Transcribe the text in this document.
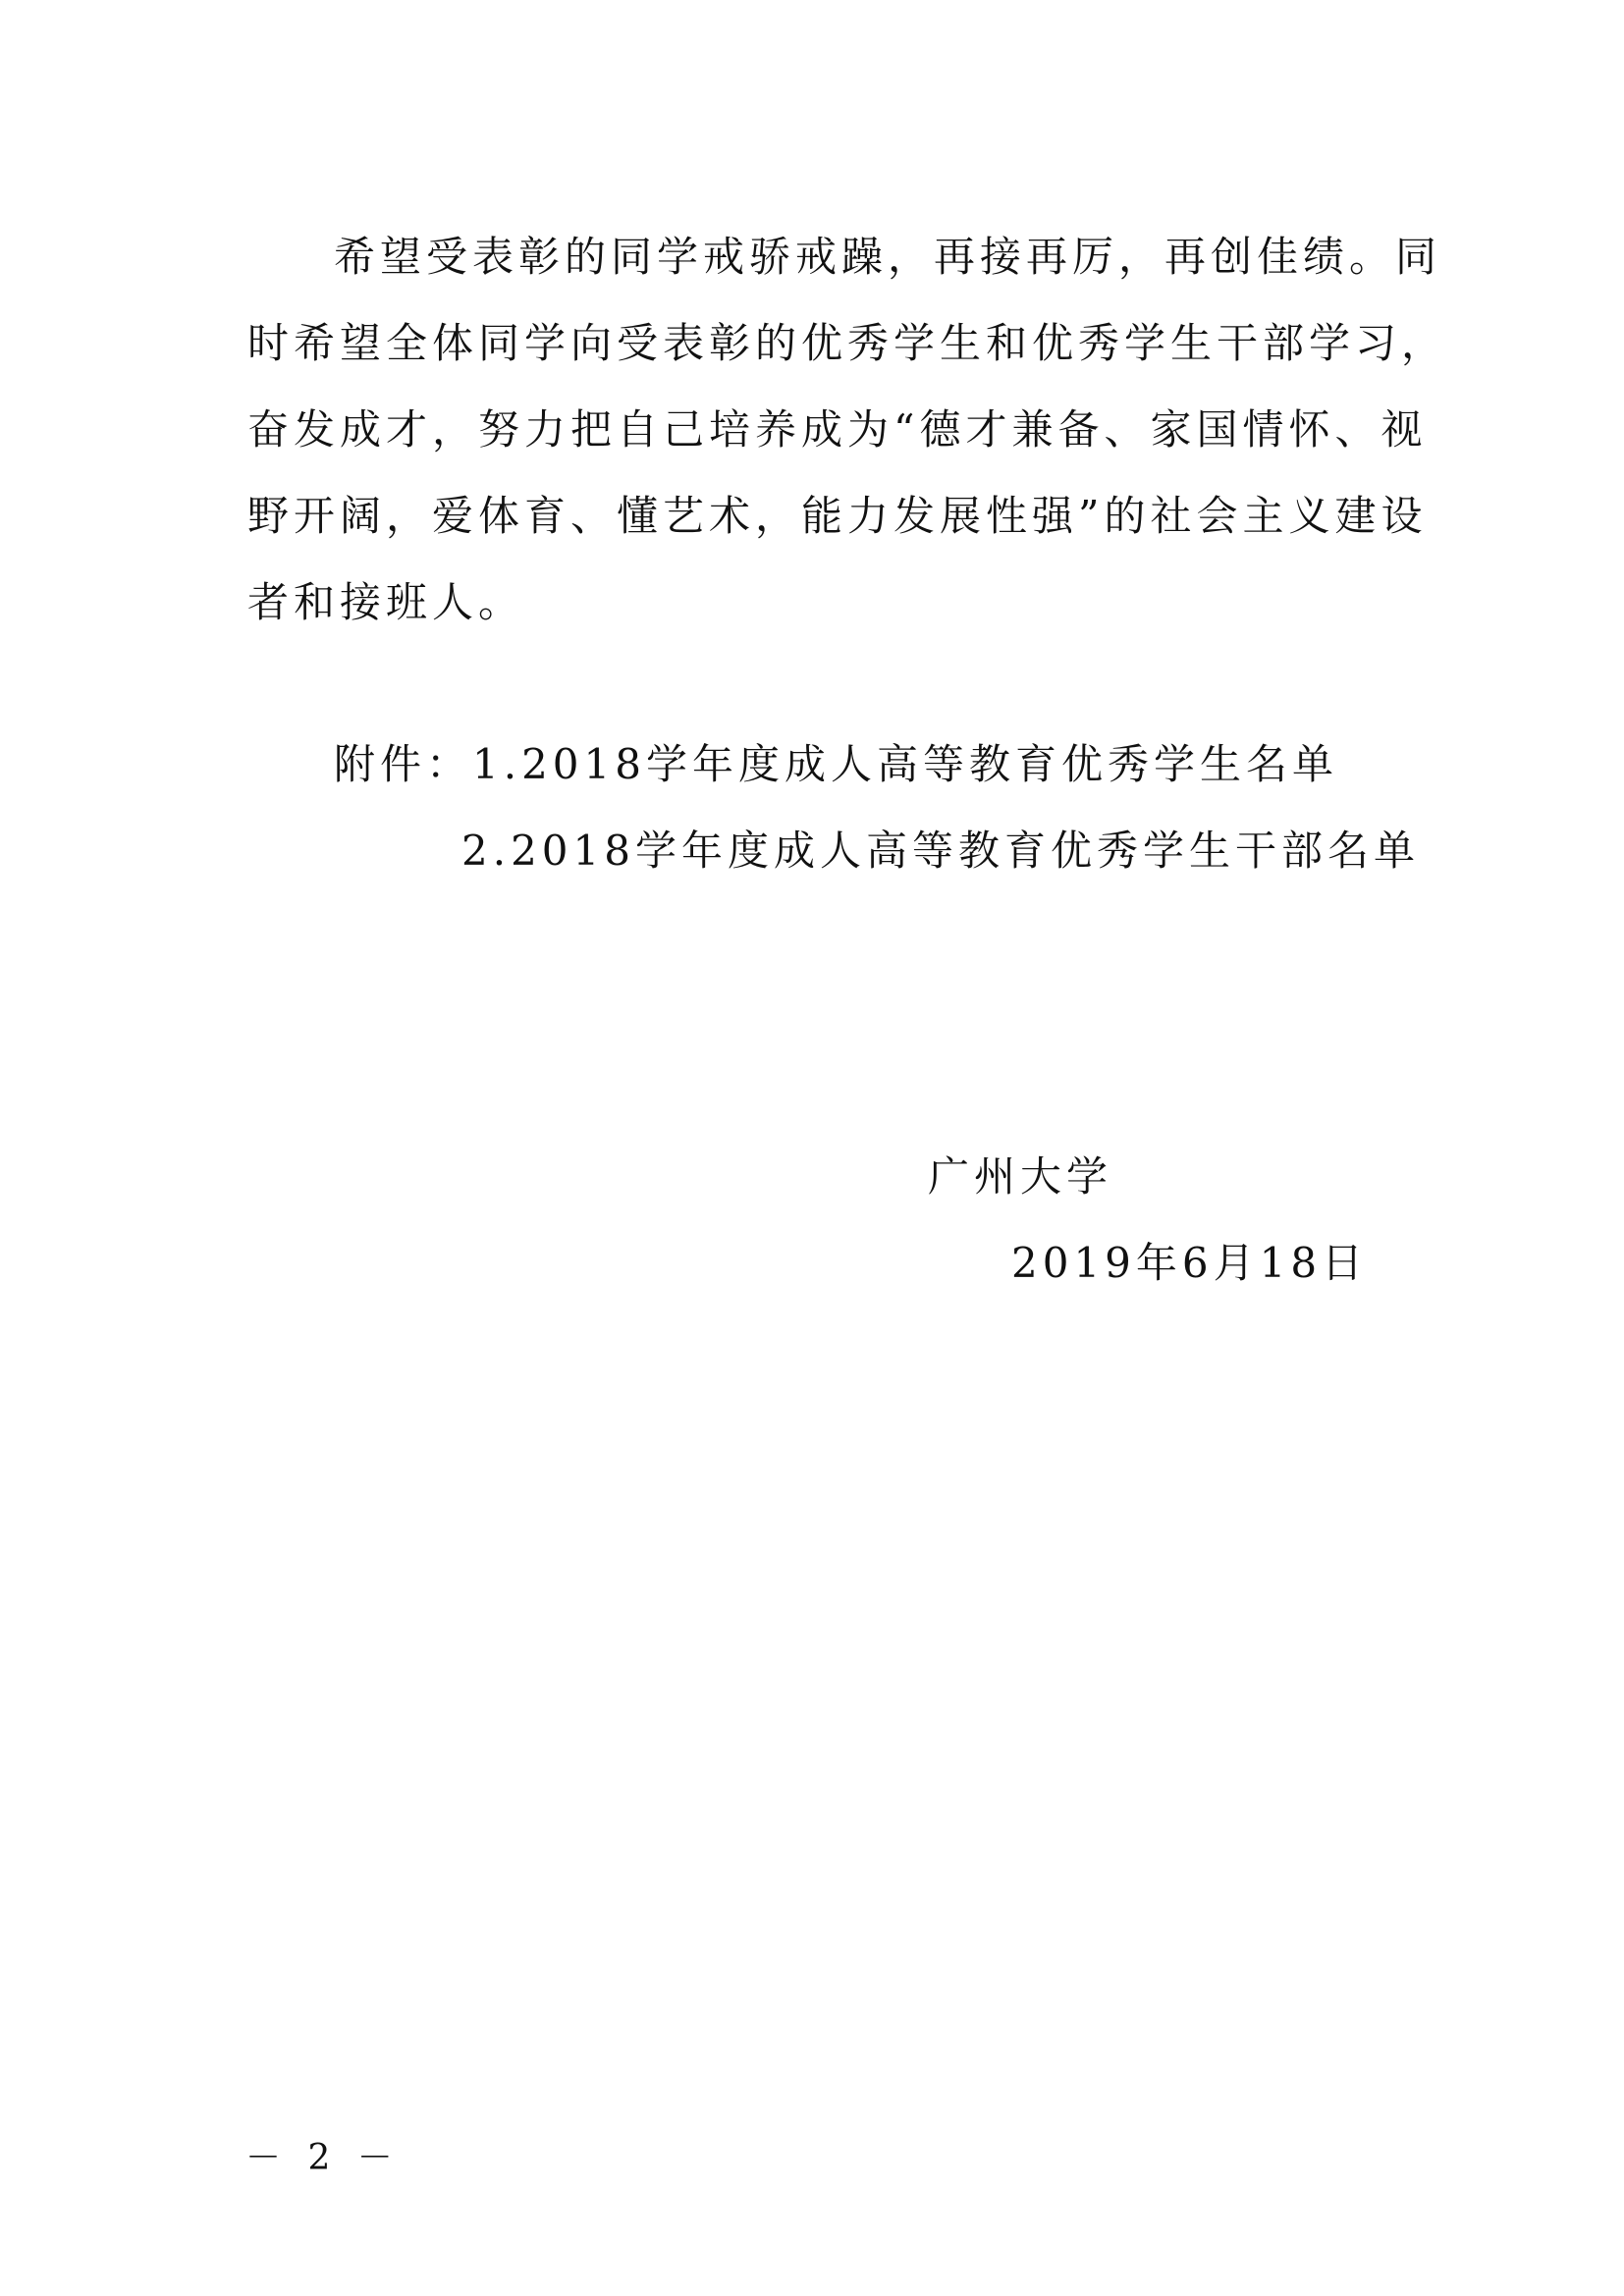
希望受表彰的同学戒骄戒躁，再接再厉，再创佳绩。同
时希望全体同学向受表彰的优秀学生和优秀学生干部学习，
奋发成才，努力把自己培养成为“德才兼备、家国情怀、视
野开阔，爱体育、懂艺术，能力发展性强”的社会主义建设
者和接班人。
附件：1.2018学年度成人高等教育优秀学生名单
2.2018学年度成人高等教育优秀学生干部名单
广州大学
2019年6月18日
－ 2 －
